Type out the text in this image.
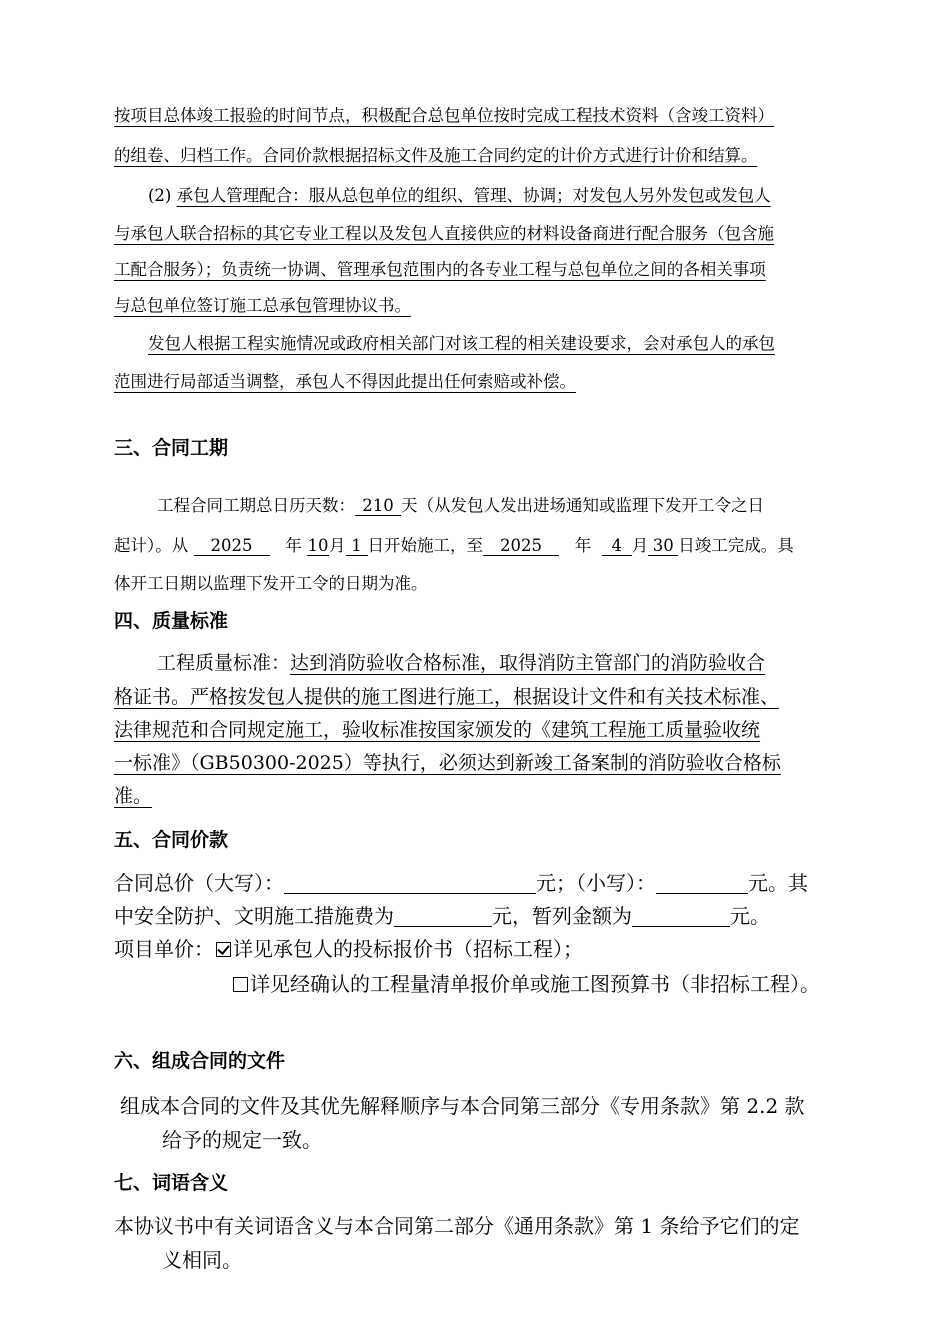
按项目总体竣工报验的时间节点，积极配合总包单位按时完成工程技术资料（含竣工资料）
的组卷、归档工作。合同价款根据招标文件及施工合同约定的计价方式进行计价和结算。
(2) 承包人管理配合：服从总包单位的组织、管理、协调；对发包人另外发包或发包人
与承包人联合招标的其它专业工程以及发包人直接供应的材料设备商进行配合服务（包含施
工配合服务）；负责统一协调、管理承包范围内的各专业工程与总包单位之间的各相关事项
与总包单位签订施工总承包管理协议书。
发包人根据工程实施情况或政府相关部门对该工程的相关建设要求，会对承包人的承包
范围进行局部适当调整，承包人不得因此提出任何索赔或补偿。
三、合同工期
工程合同工期总日历天数： 210 天（从发包人发出进场通知或监理下发开工令之日
起计）。从 2025 年 10月 1 日开始施工，至 2025 年 4 月 30 日竣工完成。具
体开工日期以监理下发开工令的日期为准。
四、质量标准
工程质量标准：达到消防验收合格标准，取得消防主管部门的消防验收合
格证书。严格按发包人提供的施工图进行施工，根据设计文件和有关技术标准、
法律规范和合同规定施工，验收标准按国家颁发的《建筑工程施工质量验收统
一标准》（GB50300-2025）等执行，必须达到新竣工备案制的消防验收合格标
准。
五、合同价款
合同总价（大写）：	元；（小写）：	元。其
中安全防护、文明施工措施费为	元，暂列金额为	元。
项目单价： 详见承包人的投标报价书（招标工程）；
详见经确认的工程量清单报价单或施工图预算书（非招标工程）。
六、组成合同的文件
组成本合同的文件及其优先解释顺序与本合同第三部分《专用条款》第 2.2 款
给予的规定一致。
七、词语含义
本协议书中有关词语含义与本合同第二部分《通用条款》第 1 条给予它们的定
义相同。
